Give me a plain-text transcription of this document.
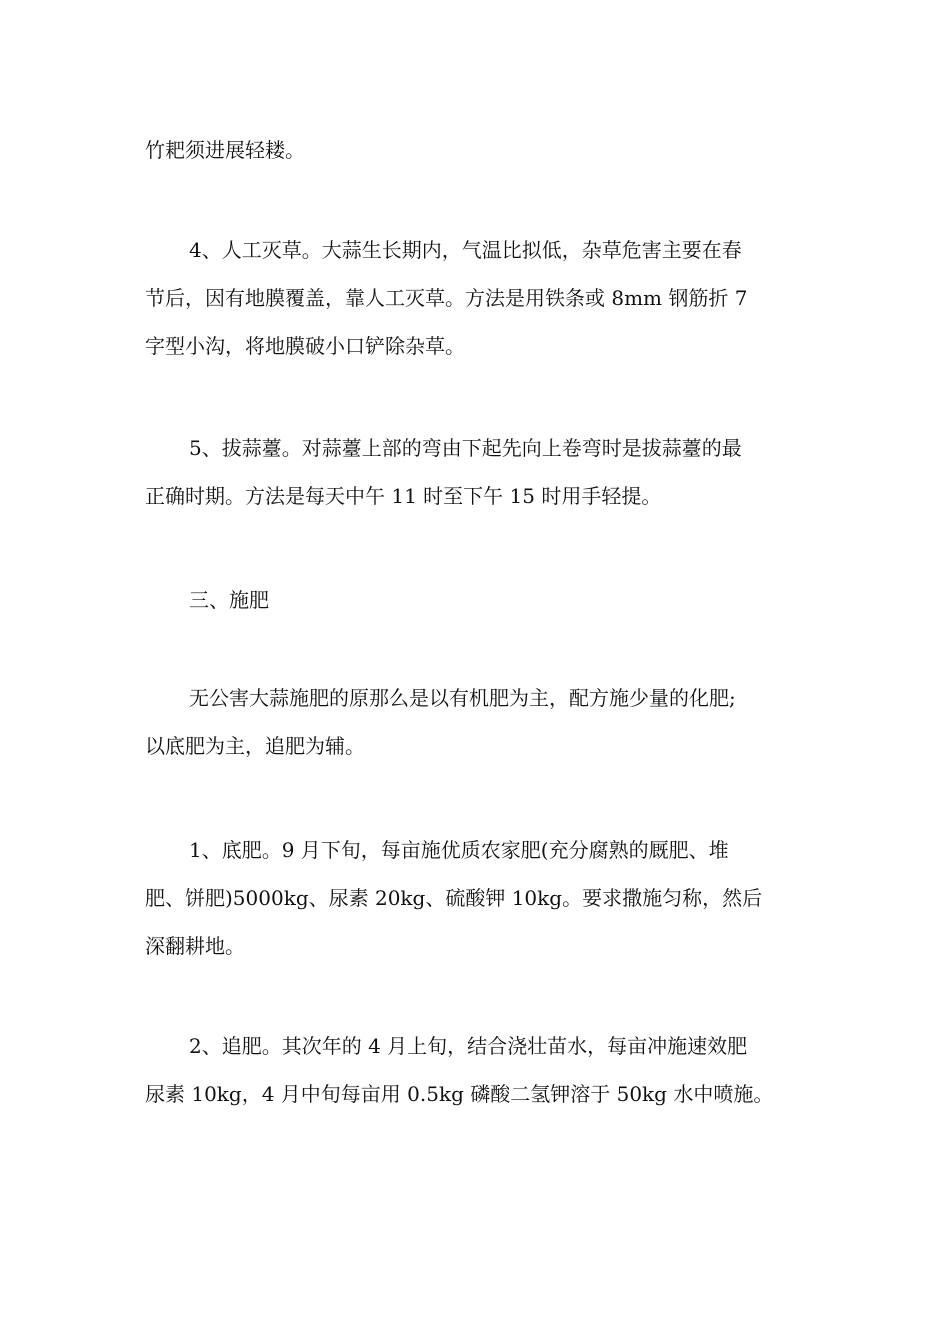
竹耙须进展轻耧。
4、人工灭草。大蒜生长期内，气温比拟低，杂草危害主要在春
节后，因有地膜覆盖，靠人工灭草。方法是用铁条或 8mm 钢筋折 7
字型小沟，将地膜破小口铲除杂草。
5、拔蒜薹。对蒜薹上部的弯由下起先向上卷弯时是拔蒜薹的最
正确时期。方法是每天中午 11 时至下午 15 时用手轻提。
三、施肥
无公害大蒜施肥的原那么是以有机肥为主，配方施少量的化肥;
以底肥为主，追肥为辅。
1、底肥。9 月下旬，每亩施优质农家肥(充分腐熟的厩肥、堆
肥、饼肥)5000kg、尿素 20kg、硫酸钾 10kg。要求撒施匀称，然后
深翻耕地。
2、追肥。其次年的 4 月上旬，结合浇壮苗水，每亩冲施速效肥
尿素 10kg，4 月中旬每亩用 0.5kg 磷酸二氢钾溶于 50kg 水中喷施。
